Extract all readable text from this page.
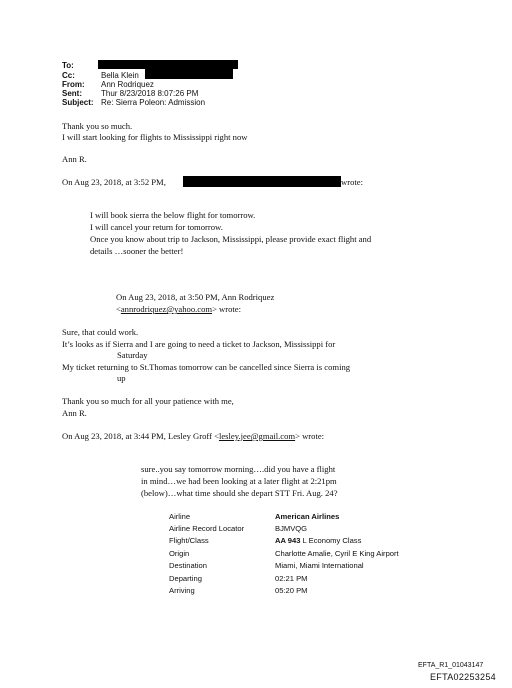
To:
Cc:	Bella Klein
From: Ann Rodriquez
Sent: Thur 8/23/2018 8:07:26 PM
Subject: Re: Sierra Poleon: Admission
Thank you so much.
I will start looking for flights to Mississippi right now
Ann R.
On Aug 23, 2018, at 3:52 PM,	wrote:
I will book sierra the below flight for tomorrow.
I will cancel your return for tomorrow.
Once you know about trip to Jackson, Mississippi, please provide exact flight and
details …sooner the better!
On Aug 23, 2018, at 3:50 PM, Ann Rodriquez
<annrodriquez@yahoo.com> wrote:
Sure, that could work.
It’s looks as if Sierra and I are going to need a ticket to Jackson, Mississippi for
Saturday
My ticket returning to St.Thomas tomorrow can be cancelled since Sierra is coming
up
Thank you so much for all your patience with me,
Ann R.
On Aug 23, 2018, at 3:44 PM, Lesley Groff <lesley.jee@gmail.com> wrote:
sure..you say tomorrow morning….did you have a flight
in mind…we had been looking at a later flight at 2:21pm
(below)…what time should she depart STT Fri. Aug. 24?
Airline	American Airlines
Airline Record Locator	BJMVQG
Flight/Class	AA 943 L Economy Class
Origin	Charlotte Amalie, Cyril E King Airport
Destination	Miami, Miami International
Departing	02:21 PM
Arriving	05:20 PM
EFTA_R1_01043147
EFTA02253254
